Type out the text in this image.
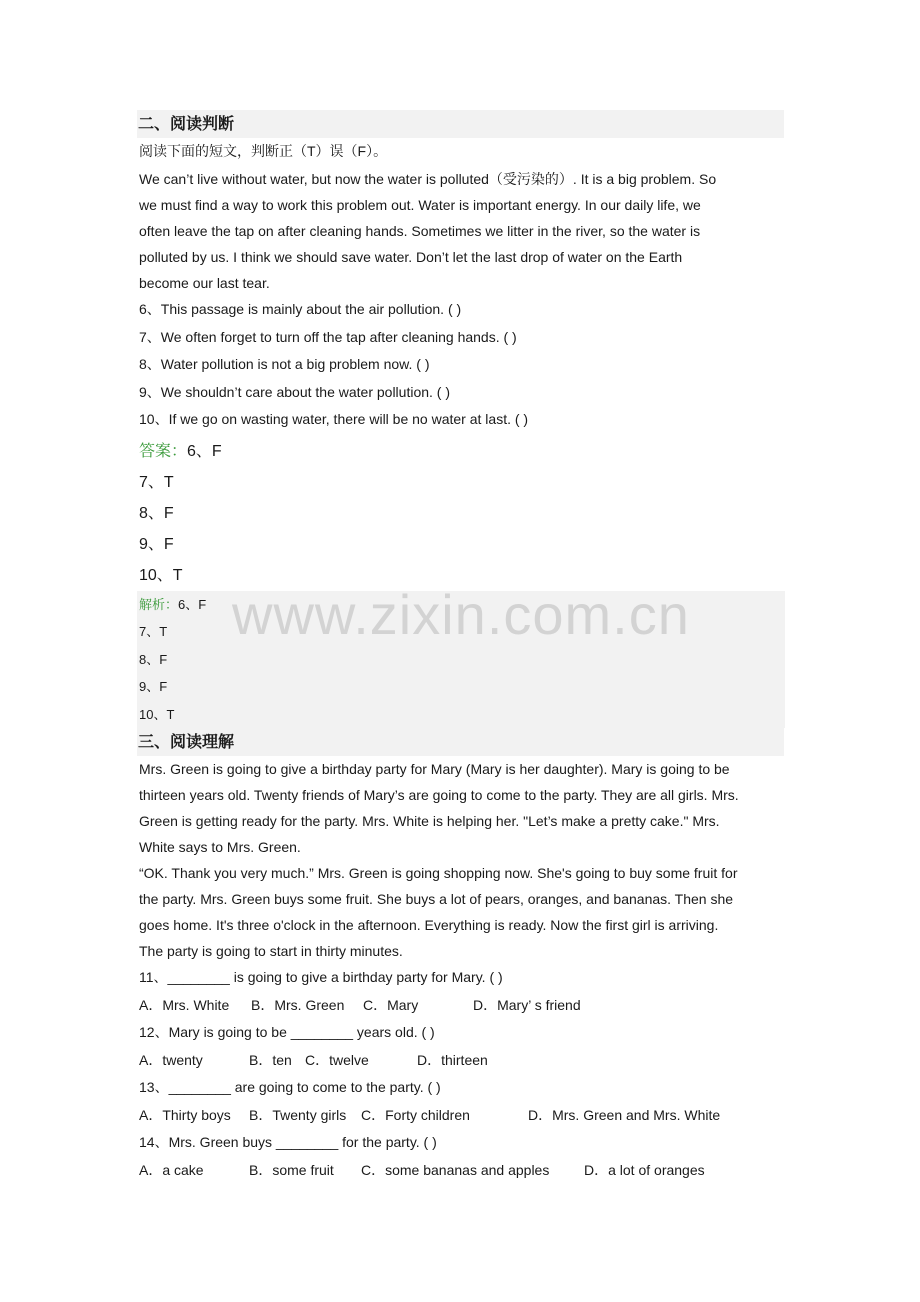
二、阅读判断
阅读下面的短文，判断正（T）误（F）。
We can’t live without water, but now the water is polluted（受污染的）. It is a big problem. So
we must find a way to work this problem out. Water is important energy. In our daily life, we
often leave the tap on after cleaning hands. Sometimes we litter in the river, so the water is
polluted by us. I think we should save water. Don’t let the last drop of water on the Earth
become our last tear.
6、This passage is mainly about the air pollution. ( )
7、We often forget to turn off the tap after cleaning hands. ( )
8、Water pollution is not a big problem now. ( )
9、We shouldn’t care about the water pollution. ( )
10、If we go on wasting water, there will be no water at last. ( )
答案：6、F
7、T
8、F
9、F
10、T
www.zixin.com.cn
解析：6、F
7、T
8、F
9、F
10、T
三、阅读理解
Mrs. Green is going to give a birthday party for Mary (Mary is her daughter). Mary is going to be
thirteen years old. Twenty friends of Mary’s are going to come to the party. They are all girls. Mrs.
Green is getting ready for the party. Mrs. White is helping her. "Let’s make a pretty cake." Mrs.
White says to Mrs. Green.
“OK. Thank you very much.” Mrs. Green is going shopping now. She's going to buy some fruit for
the party. Mrs. Green buys some fruit. She buys a lot of pears, oranges, and bananas. Then she
goes home. It's three o'clock in the afternoon. Everything is ready. Now the first girl is arriving.
The party is going to start in thirty minutes.
11、________ is going to give a birthday party for Mary. ( )
A．Mrs. White B．Mrs. Green C．Mary	D．Mary’ s friend
12、Mary is going to be ________ years old. ( )
A．twenty	B．ten C．twelve	D．thirteen
13、________ are going to come to the party. ( )
A．Thirty boys B．Twenty girls C．Forty children	D．Mrs. Green and Mrs. White
14、Mrs. Green buys ________ for the party. ( )
A．a cake	B．some fruit C．some bananas and apples D．a lot of oranges
